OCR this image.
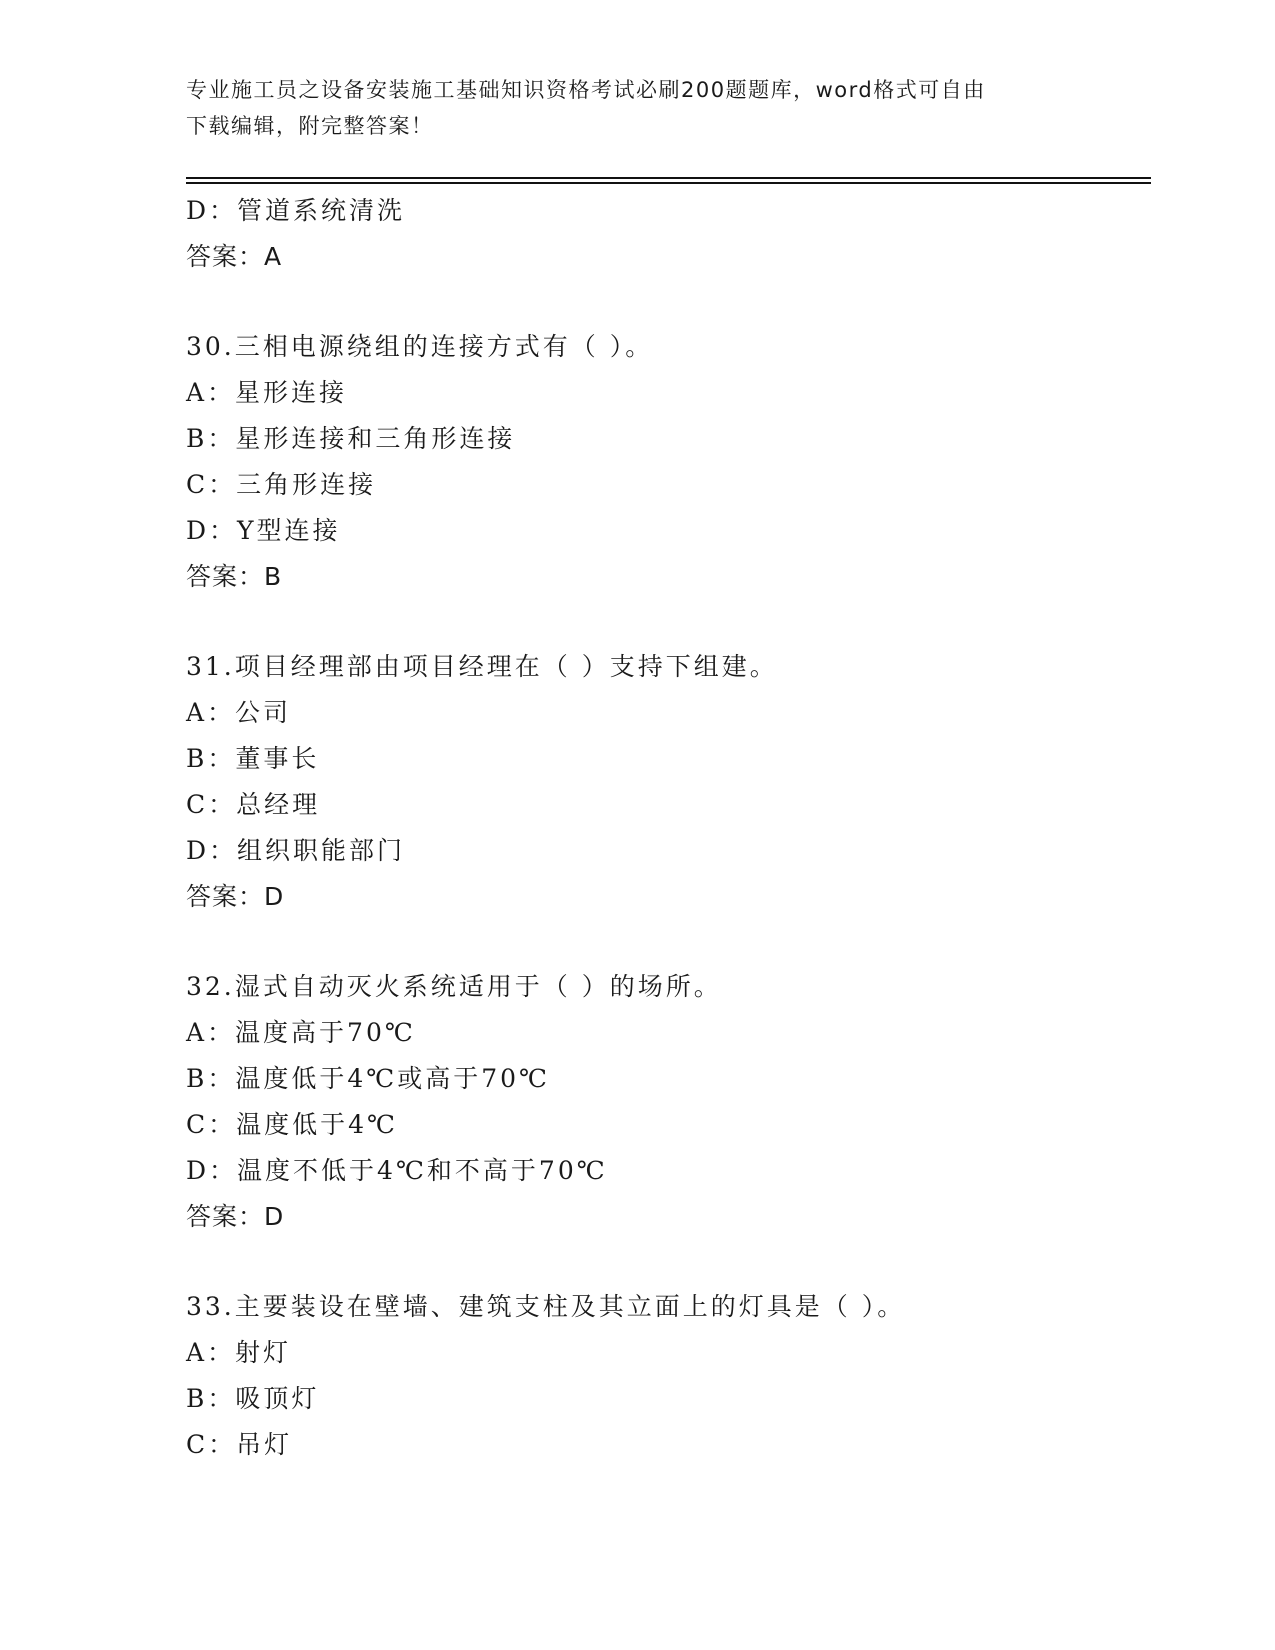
专业施工员之设备安装施工基础知识资格考试必刷200题题库，word格式可自由
下载编辑，附完整答案！
D：管道系统清洗
答案：A
30.三相电源绕组的连接方式有（ ）。
A：星形连接
B：星形连接和三角形连接
C：三角形连接
D：Y型连接
答案：B
31.项目经理部由项目经理在（ ）支持下组建。
A：公司
B：董事长
C：总经理
D：组织职能部门
答案：D
32.湿式自动灭火系统适用于（ ）的场所。
A：温度高于70℃
B：温度低于4℃或高于70℃
C：温度低于4℃
D：温度不低于4℃和不高于70℃
答案：D
33.主要装设在壁墙、建筑支柱及其立面上的灯具是（ ）。
A：射灯
B：吸顶灯
C：吊灯
